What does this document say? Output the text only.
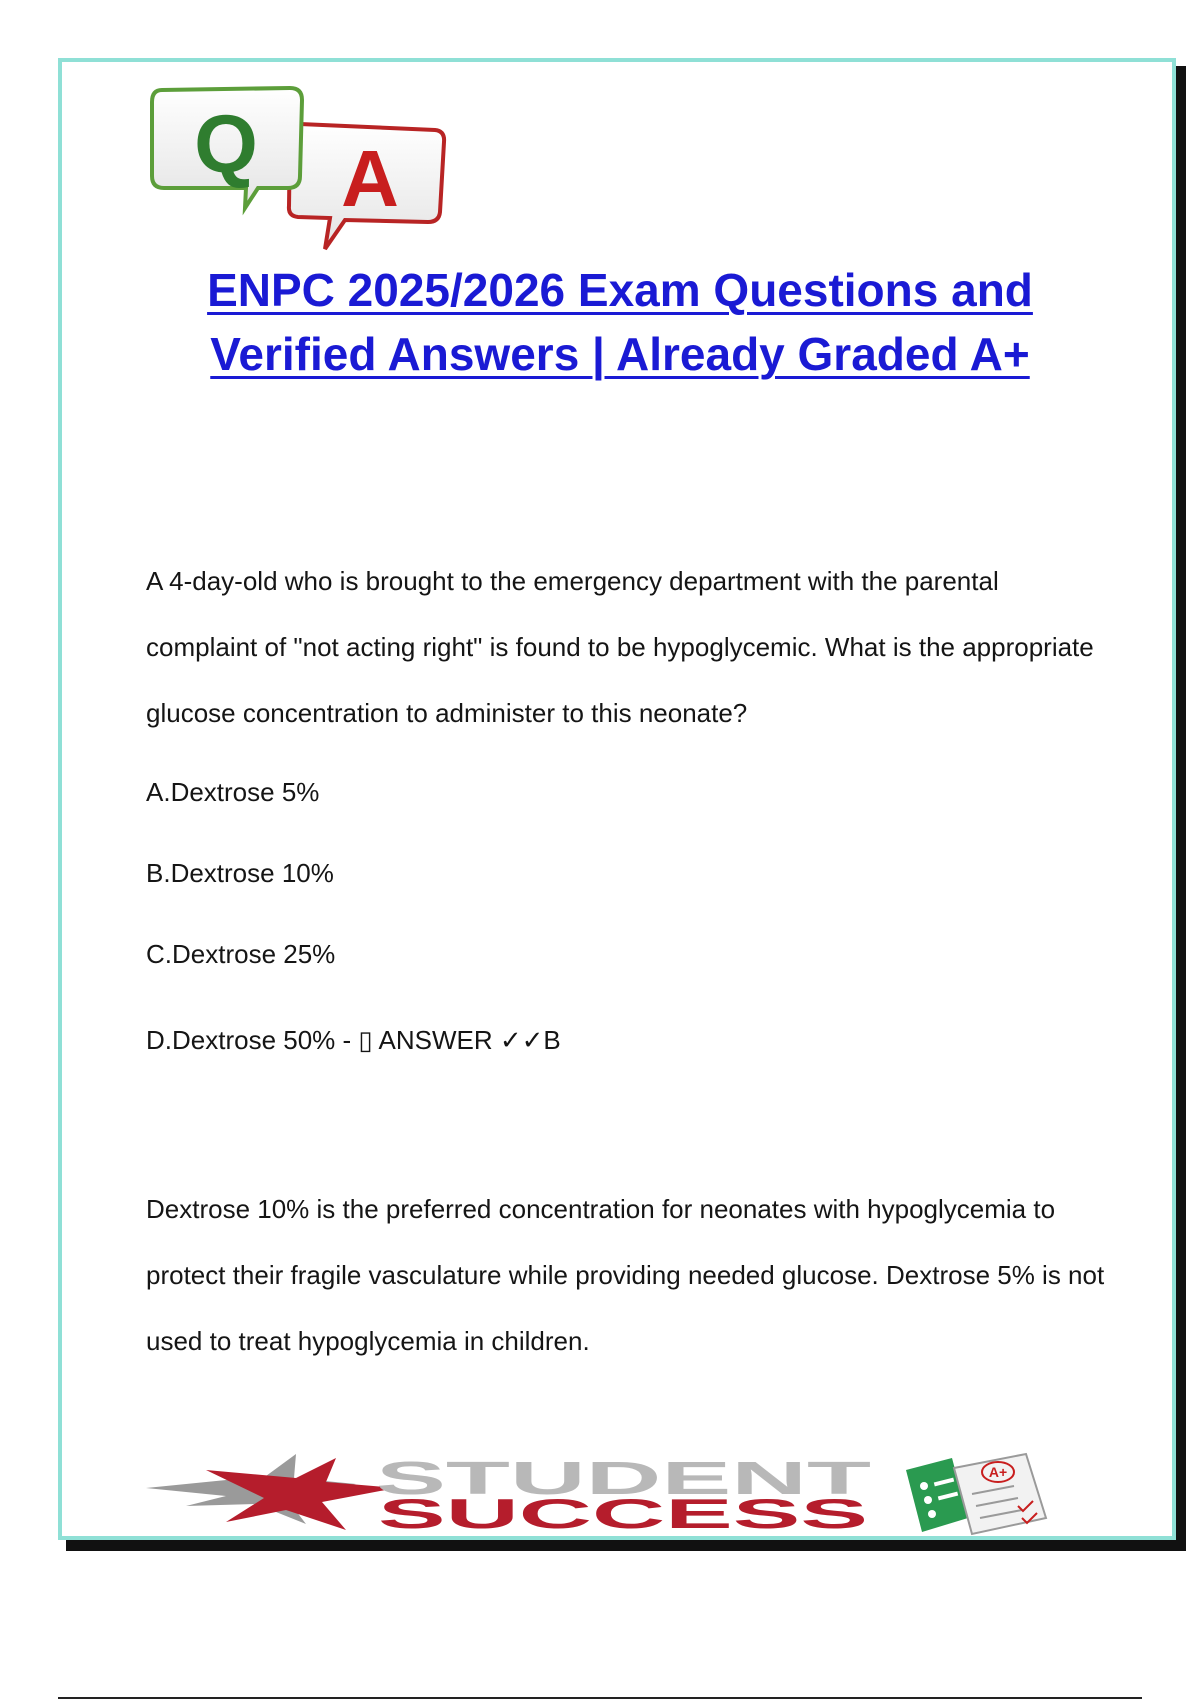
A
Q
ENPC 2025/2026 Exam Questions and
Verified Answers | Already Graded A+
A 4-day-old who is brought to the emergency department with the parental complaint of "not acting right" is found to be hypoglycemic. What is the appropriate glucose concentration to administer to this neonate?
A.Dextrose 5%
B.Dextrose 10%
C.Dextrose 25%
D.Dextrose 50% - ▯ ANSWER ✓✓B
Dextrose 10% is the preferred concentration for neonates with hypoglycemia to protect their fragile vasculature while providing needed glucose. Dextrose 5% is not used to treat hypoglycemia in children.
STUDENT
SUCCESS
A+
